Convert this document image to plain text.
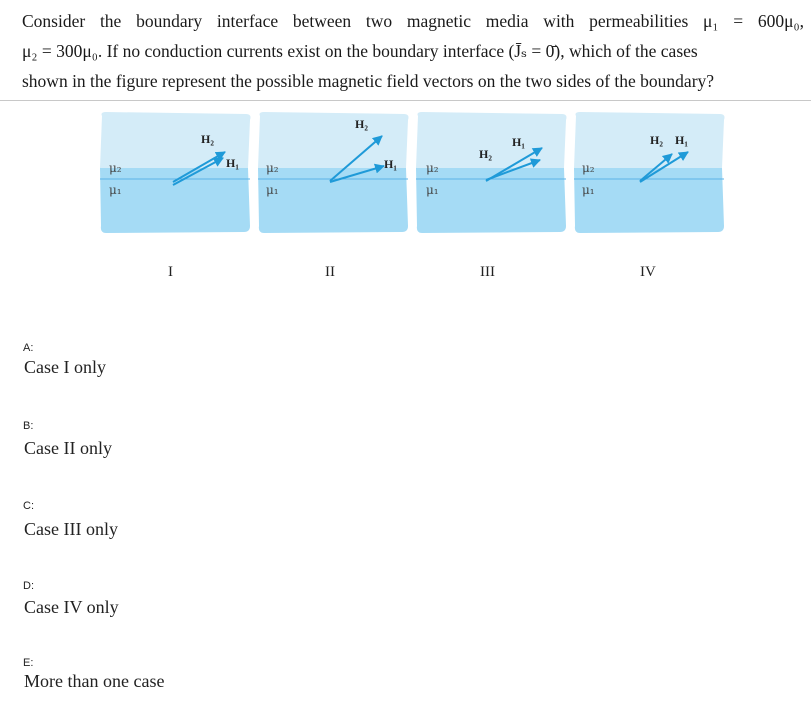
Consider the boundary interface between two magnetic media with permeabilities μ₁ = 600μ₀,
μ₂ = 300μ₀. If no conduction currents exist on the boundary interface (J̄ₛ = 0̄), which of the cases
shown in the figure represent the possible magnetic field vectors on the two sides of the boundary?
μ₂
μ₁
H₂
H₁
I
μ₂
μ₁
H₂
H₁
II
μ₂
μ₁
H₂
H₁
III
μ₂
μ₁
H₂ H₁
IV
A:
Case I only
B:
Case II only
C:
Case III only
D:
Case IV only
E:
More than one case
